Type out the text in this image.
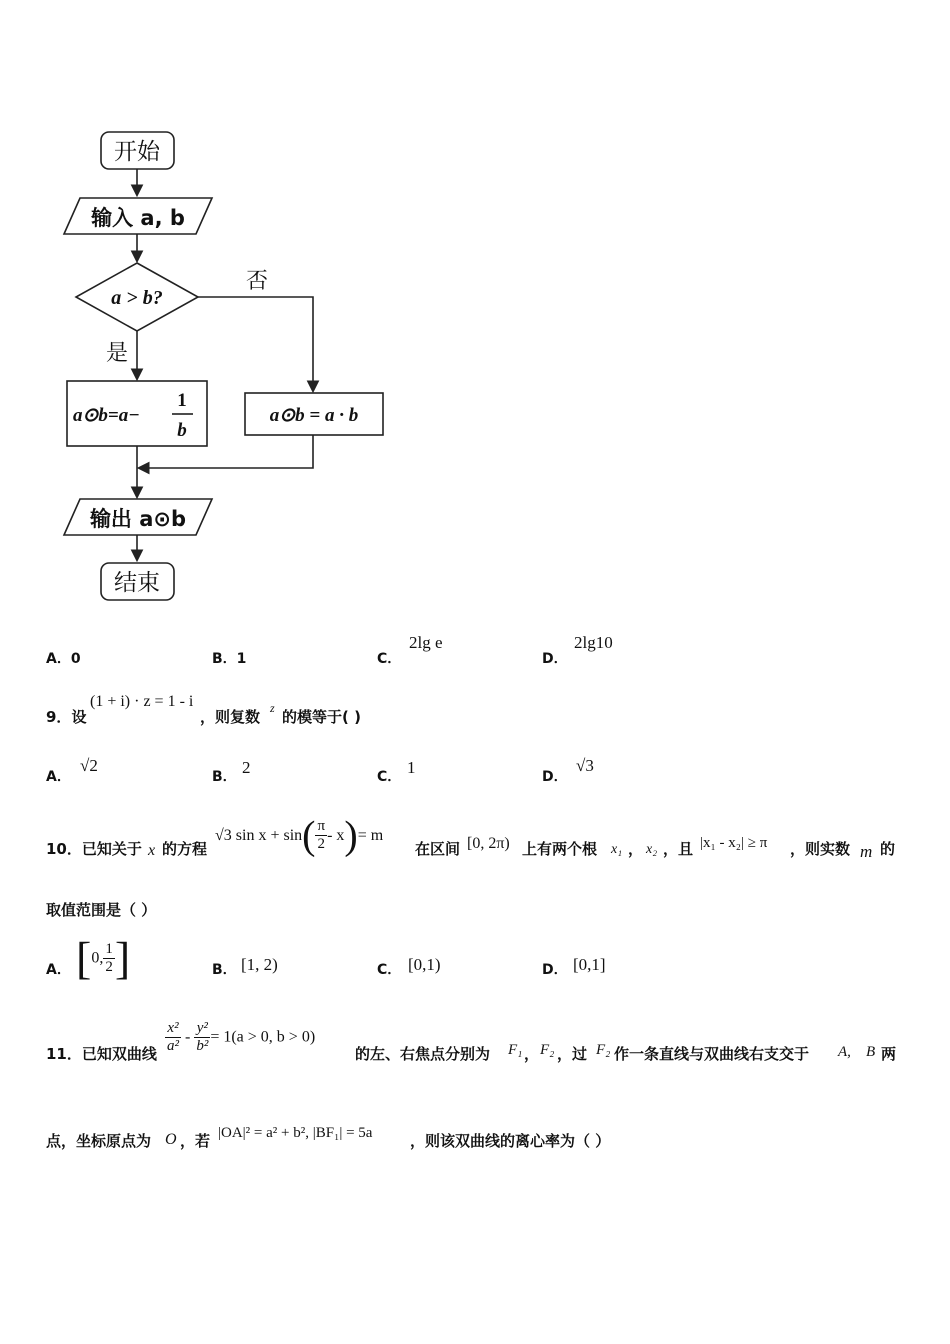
开始
输入 a, b
a > b?
否
是
a⊙b=a−
1
b
a⊙b = a · b
输出 a⊙b
结束
A．0	B．1	C．
2lg e
D．
2lg10
9．设
(1 + i) · z = 1 - i
，则复数 z 的模等于( )
A．
√2
B． 2	C． 1	D．
√3
10．已知关于 x 的方程
√3 $\sin x + \sin( \frac{\pi}{2} - x)= m$
在区间 [0, 2π) 上有两个根 x₁ ， x₂ ，且 |x₁ - x₂| ≥ π ，则实数 m 的
取值范围是（ ）
A． [0, $\frac{1}{2}$ ]	B． [1, 2)	C． [0,1)	D． [0,1]
11．已知双曲线 $\frac{\text{x²}}{\text{a²}} - \frac{\text{y²}}{\text{b²}} = 1(a > 0$, b > 0)
的左、右焦点分别为 F₁ ， F₂ ，过 F₂ 作一条直线与双曲线右支交于 A, B 两
点，坐标原点为 O ，若 |OA|² = a² + b², |BF₁| = 5a	，则该双曲线的离心率为（ ）
